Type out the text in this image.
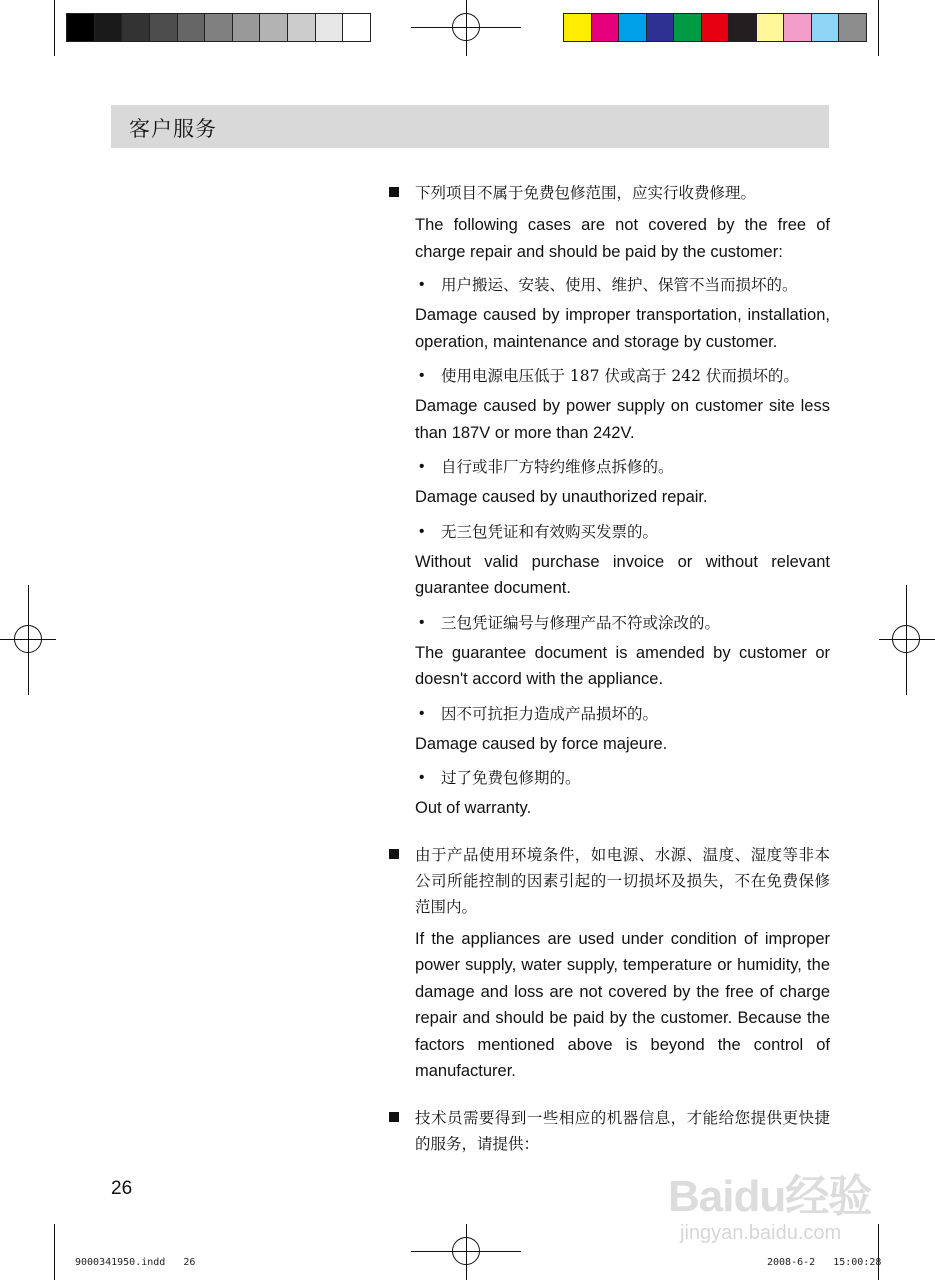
客户服务
下列项目不属于免费包修范围，应实行收费修理。
The following cases are not covered by the free of charge repair and should be paid by the customer:
• 用户搬运、安装、使用、维护、保管不当而损坏的。
Damage caused by improper transportation, installation, operation, maintenance and storage by customer.
• 使用电源电压低于 187 伏或高于 242 伏而损坏的。
Damage caused by power supply on customer site less than 187V or more than 242V.
• 自行或非厂方特约维修点拆修的。
Damage caused by unauthorized repair.
• 无三包凭证和有效购买发票的。
Without valid purchase invoice or without relevant guarantee document.
• 三包凭证编号与修理产品不符或涂改的。
The guarantee document is amended by customer or doesn't accord with the appliance.
• 因不可抗拒力造成产品损坏的。
Damage caused by force majeure.
• 过了免费包修期的。
Out of warranty.
由于产品使用环境条件，如电源、水源、温度、湿度等非本公司所能控制的因素引起的一切损坏及损失，不在免费保修范围内。
If the appliances are used under condition of improper power supply, water supply, temperature or humidity, the damage and loss are not covered by the free of charge repair and should be paid by the customer. Because the factors mentioned above is beyond the control of manufacturer.
技术员需要得到一些相应的机器信息，才能给您提供更快捷的服务，请提供：
26
9000341950.indd   26	2008-6-2   15:00:28
Baidu经验
jingyan.baidu.com
